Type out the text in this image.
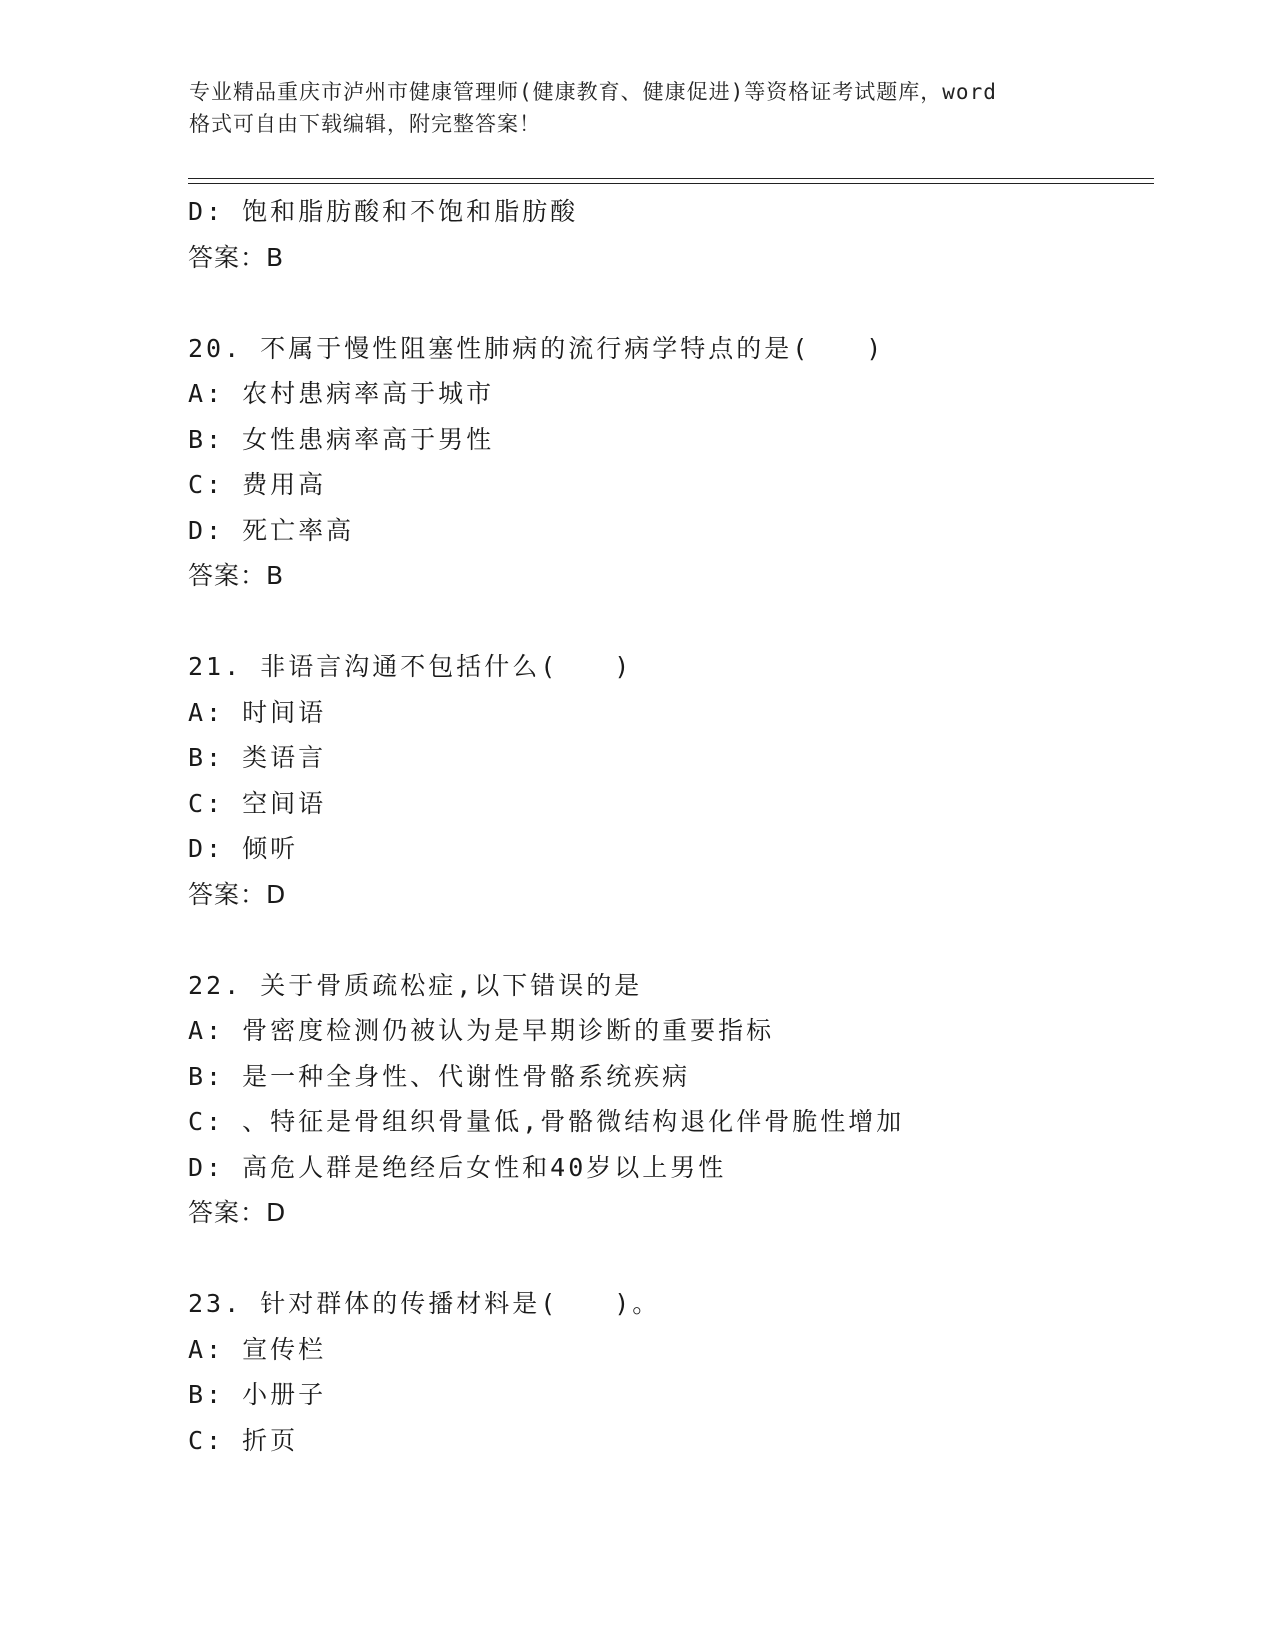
专业精品重庆市泸州市健康管理师(健康教育、健康促进)等资格证考试题库，word
格式可自由下载编辑，附完整答案！
D: 饱和脂肪酸和不饱和脂肪酸
答案：B
20. 不属于慢性阻塞性肺病的流行病学特点的是(　　)
A: 农村患病率高于城市
B: 女性患病率高于男性
C: 费用高
D: 死亡率高
答案：B
21. 非语言沟通不包括什么(　　)
A: 时间语
B: 类语言
C: 空间语
D: 倾听
答案：D
22. 关于骨质疏松症,以下错误的是
A: 骨密度检测仍被认为是早期诊断的重要指标
B: 是一种全身性、代谢性骨骼系统疾病
C: 、特征是骨组织骨量低,骨骼微结构退化伴骨脆性增加
D: 高危人群是绝经后女性和40岁以上男性
答案：D
23. 针对群体的传播材料是(　　)。
A: 宣传栏
B: 小册子
C: 折页
